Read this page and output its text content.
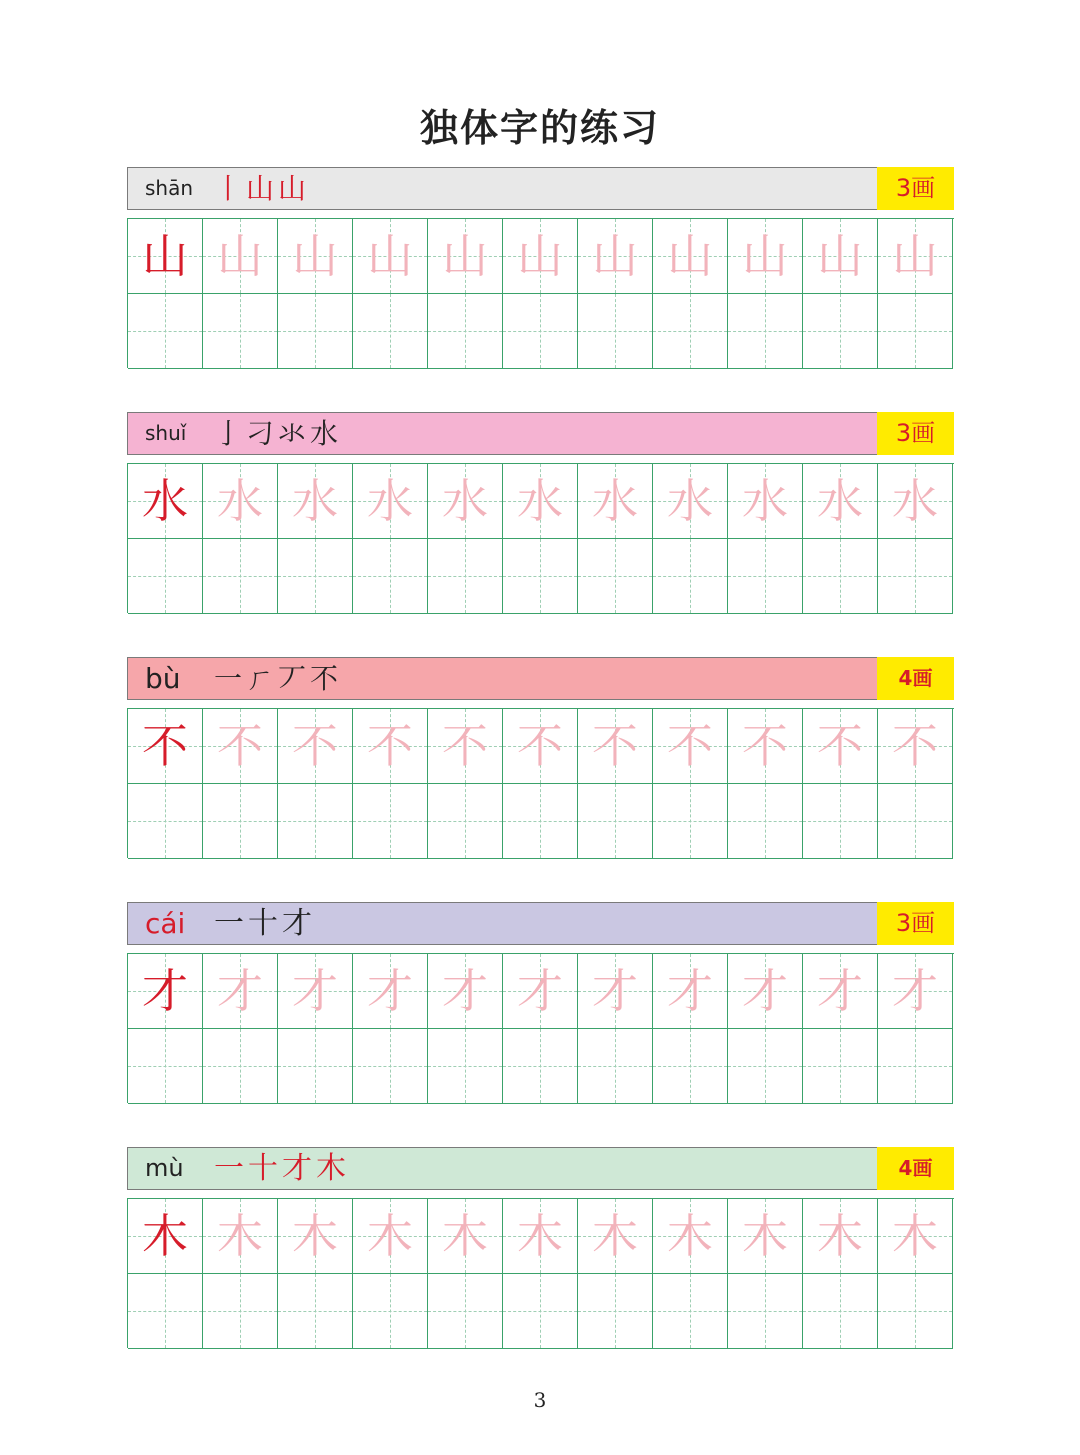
独体字的练习
shān 丨山山	3画
山 山 山 山 山 山 山 山 山 山 山
shuǐ 亅刁氺水	3画
水 水 水 水 水 水 水 水 水 水 水
bù 一ㄏ丆不	4画
不 不 不 不 不 不 不 不 不 不 不
cái 一十才	3画
才 才 才 才 才 才 才 才 才 才 才
mù 一十才木	4画
木 木 木 木 木 木 木 木 木 木 木
3
